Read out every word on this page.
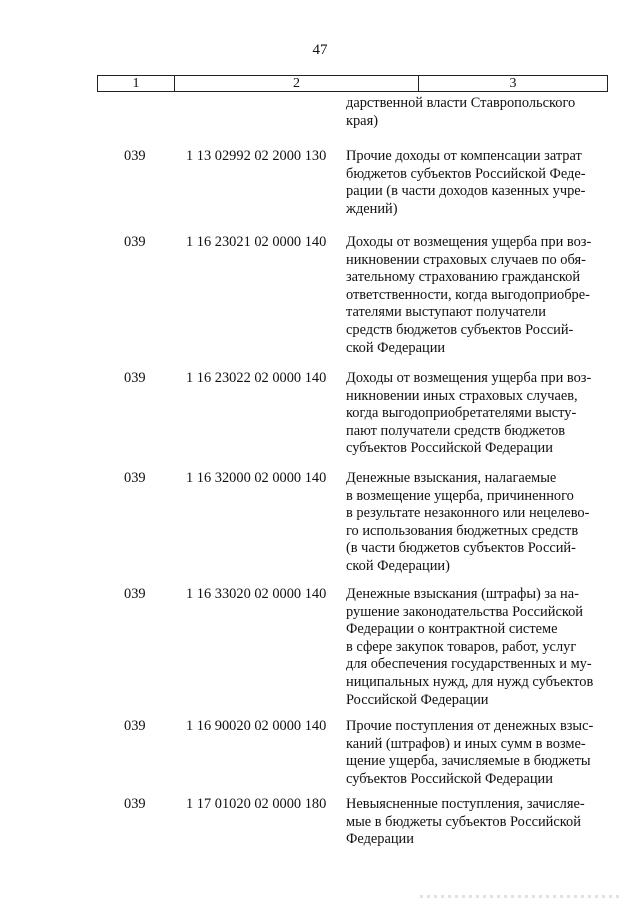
47
1	2	3
дарственной власти Ставропольского
края)
039	1 13 02992 02 2000 130 Прочие доходы от компенсации затрат
бюджетов субъектов Российской Феде-
рации (в части доходов казенных учре-
ждений)
039	1 16 23021 02 0000 140 Доходы от возмещения ущерба при воз-
никновении страховых случаев по обя-
зательному страхованию гражданской
ответственности, когда выгодоприобре-
тателями выступают получатели
средств бюджетов субъектов Россий-
ской Федерации
039	1 16 23022 02 0000 140 Доходы от возмещения ущерба при воз-
никновении иных страховых случаев,
когда выгодоприобретателями высту-
пают получатели средств бюджетов
субъектов Российской Федерации
039	1 16 32000 02 0000 140 Денежные взыскания, налагаемые
в возмещение ущерба, причиненного
в результате незаконного или нецелево-
го использования бюджетных средств
(в части бюджетов субъектов Россий-
ской Федерации)
039	1 16 33020 02 0000 140 Денежные взыскания (штрафы) за на-
рушение законодательства Российской
Федерации о контрактной системе
в сфере закупок товаров, работ, услуг
для обеспечения государственных и му-
ниципальных нужд, для нужд субъектов
Российской Федерации
039	1 16 90020 02 0000 140 Прочие поступления от денежных взыс-
каний (штрафов) и иных сумм в возме-
щение ущерба, зачисляемые в бюджеты
субъектов Российской Федерации
039	1 17 01020 02 0000 180 Невыясненные поступления, зачисляе-
мые в бюджеты субъектов Российской
Федерации
